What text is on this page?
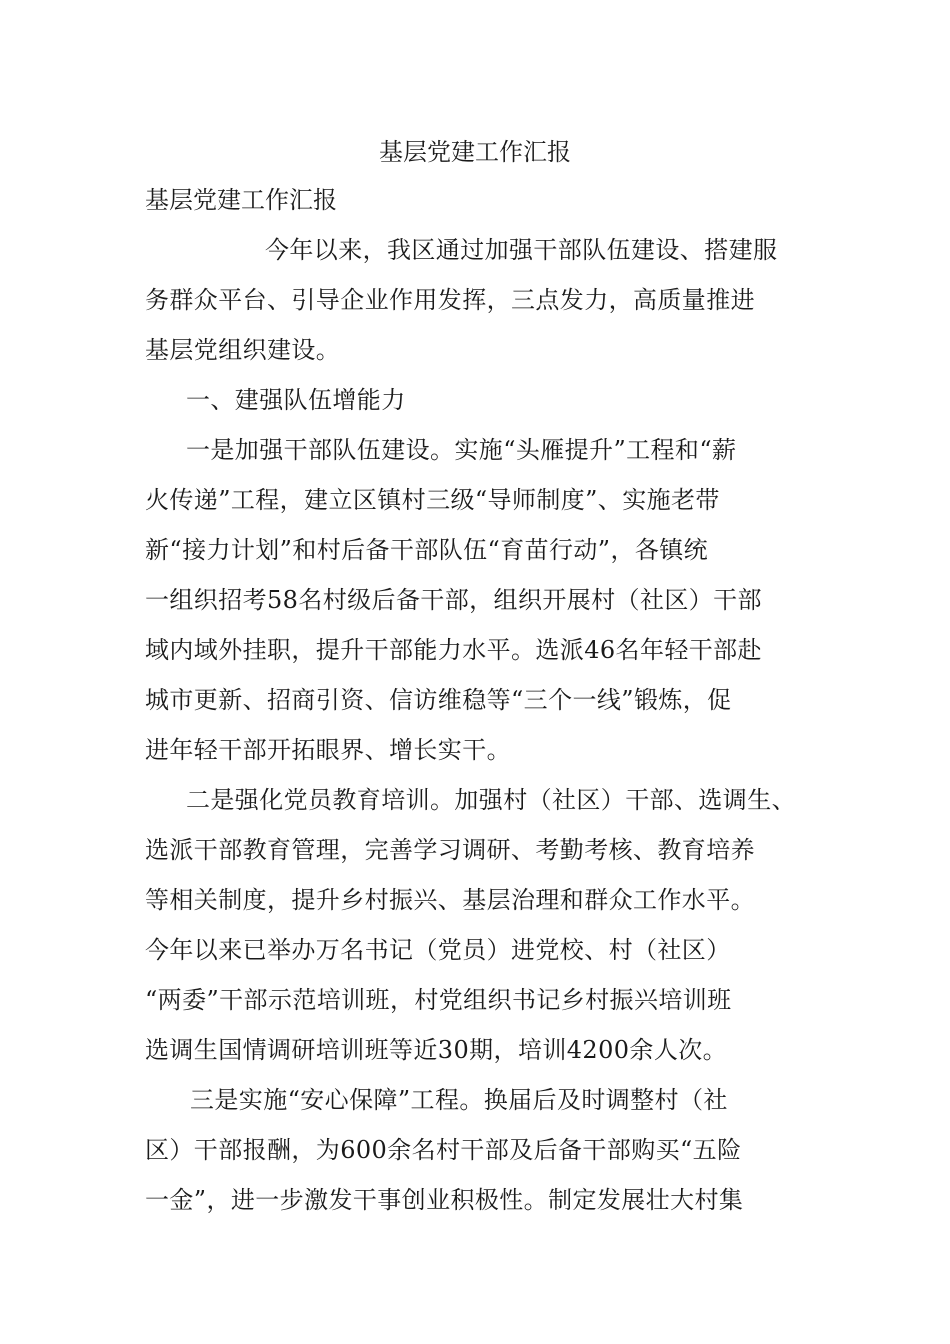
基层党建工作汇报
基层党建工作汇报
今年以来，我区通过加强干部队伍建设、搭建服
务群众平台、引导企业作用发挥，三点发力，高质量推进
基层党组织建设。
一、建强队伍增能力
一是加强干部队伍建设。实施“头雁提升”工程和“薪
火传递”工程，建立区镇村三级“导师制度”、实施老带
新“接力计划”和村后备干部队伍“育苗行动”，各镇统
一组织招考58名村级后备干部，组织开展村（社区）干部
域内域外挂职，提升干部能力水平。选派46名年轻干部赴
城市更新、招商引资、信访维稳等“三个一线”锻炼，促
进年轻干部开拓眼界、增长实干。
二是强化党员教育培训。加强村（社区）干部、选调生、
选派干部教育管理，完善学习调研、考勤考核、教育培养
等相关制度，提升乡村振兴、基层治理和群众工作水平。
今年以来已举办万名书记（党员）进党校、村（社区）
“两委”干部示范培训班，村党组织书记乡村振兴培训班
选调生国情调研培训班等近30期，培训4200余人次。
三是实施“安心保障”工程。换届后及时调整村（社
区）干部报酬，为600余名村干部及后备干部购买“五险
一金”，进一步激发干事创业积极性。制定发展壮大村集
